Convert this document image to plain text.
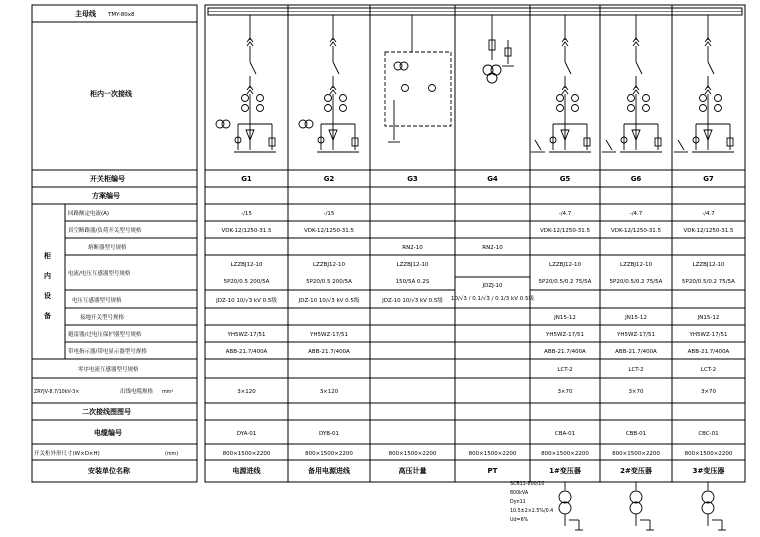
主母线 TMY-80x8
柜内一次接线
开关柜编号
方案编号
柜
内
设
备
回路额定电流(A)
真空断路器/负荷开关型号规格
熔断器型号规格
电流/电压互感器型号规格
电压互感器型号规格
接地开关型号规格
避雷器/过电压保护器型号规格
带电指示器/带电显示器型号规格
零序电流互感器型号规格
ZRYJV-8.7/10kV-3×	出线电缆规格 mm²
二次接线图图号
电缆编号
开关柜外形尺寸(W×D×H)	(mm)
安装单位名称
G1
-/15
VDK-12/1250-31.5
LZZBJ12-10
5P20/0.5 200/5A
JDZ-10 10/√3 kV 0.5级
YH5WZ-17/51
ABB-21.7/400A
3×120
DYA-01
800×1500×2200
电源进线
G2
-/15
VDK-12/1250-31.5
LZZBJ12-10
5P20/0.5 200/5A
JDZ-10 10/√3 kV 0.5级
YH5WZ-17/51
ABB-21.7/400A
3×120
DYB-01
800×1500×2200
备用电源进线
G3
RN2-10
LZZBJ12-10
150/5A 0.2S
JDZ-10 10/√3 kV 0.5级
800×1500×2200
高压计量
G4
RN2-10
JDZJ-10
10/√3 / 0.1/√3 / 0.1/3 kV 0.5级
800×1500×2200
PT
G5
-/4.7
VDK-12/1250-31.5
LZZBJ12-10
5P20/0.5/0.2 75/5A
JN15-12
YH5WZ-17/51
ABB-21.7/400A
LCT-2
3×70
CBA-01
800×1500×2200
1#变压器
G6
-/4.7
VDK-12/1250-31.5
LZZBJ12-10
5P20/0.5/0.2 75/5A
JN15-12
YH5WZ-17/51
ABB-21.7/400A
LCT-2
3×70
CBB-01
800×1500×2200
2#变压器
G7
-/4.7
VDK-12/1250-31.5
LZZBJ12-10
5P20/0.5/0.2 75/5A
JN15-12
YH5WZ-17/51
ABB-21.7/400A
LCT-2
3×70
CBC-01
800×1500×2200
3#变压器
SCB11-800/10
800kVA
Dyn11
10.5±2×2.5%/0.4
Ud=6%
